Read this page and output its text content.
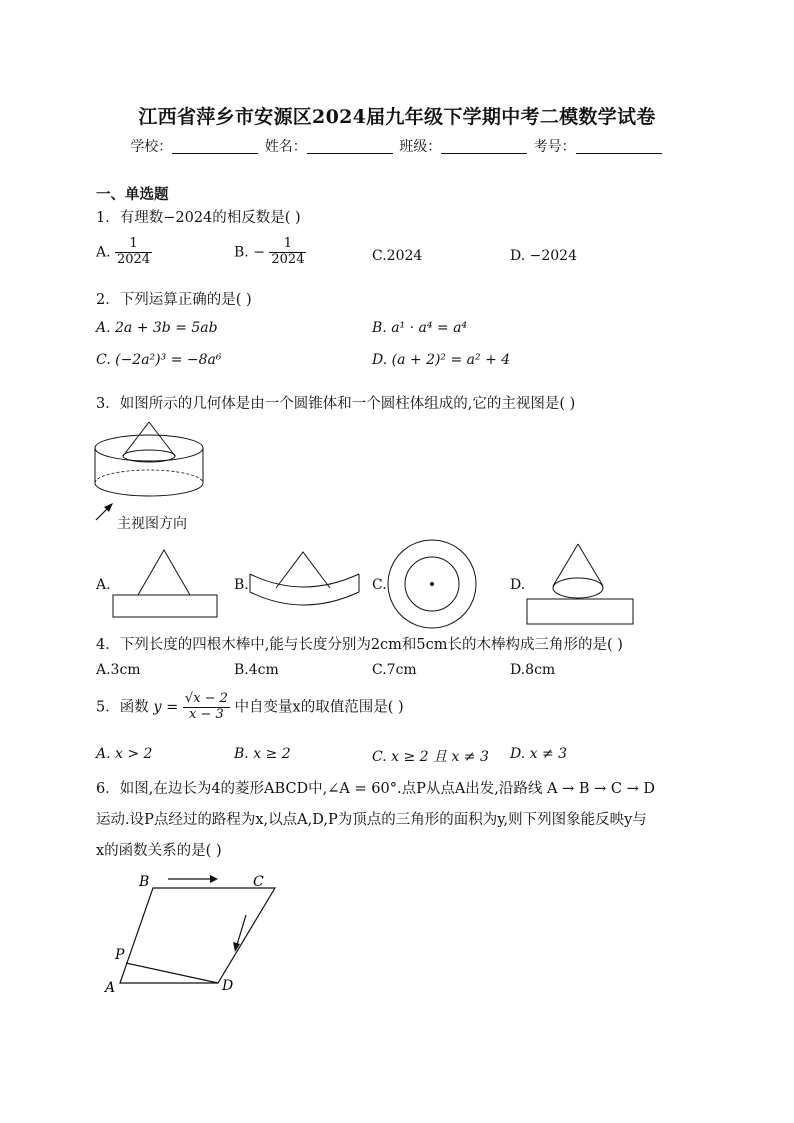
江西省萍乡市安源区2024届九年级下学期中考二模数学试卷
学校：	姓名：	班级：	考号：
一、单选题
1．有理数−2024的相反数是( )
A. $\frac{1}{2024}$	B. − $\frac{1}{2024}$	C.2024	D. −2024
2．下列运算正确的是( )
A. 2a + 3b = 5ab	B. a¹ · a⁴ = a⁴
C. (−2a²)³ = −8a⁶	D. (a + 2)² = a² + 4
3．如图所示的几何体是由一个圆锥体和一个圆柱体组成的,它的主视图是( )
主视图方向
A.	B.	C.	D.
4．下列长度的四根木棒中,能与长度分别为2cm和5cm长的木棒构成三角形的是( )
A.3cm	B.4cm	C.7cm	D.8cm
5．函数 $y = \frac{√x - 2}{x - 3}$ 中自变量x的取值范围是( )
A. x > 2	B. x ≥ 2	C. x ≥ 2 且 x ≠ 3 D. x ≠ 3
6．如图,在边长为4的菱形ABCD中,∠A = 60°.点P从点A出发,沿路线 A → B → C → D
运动.设P点经过的路程为x,以点A,D,P为顶点的三角形的面积为y,则下列图象能反映y与
x的函数关系的是( )
A
B	C
D
P
